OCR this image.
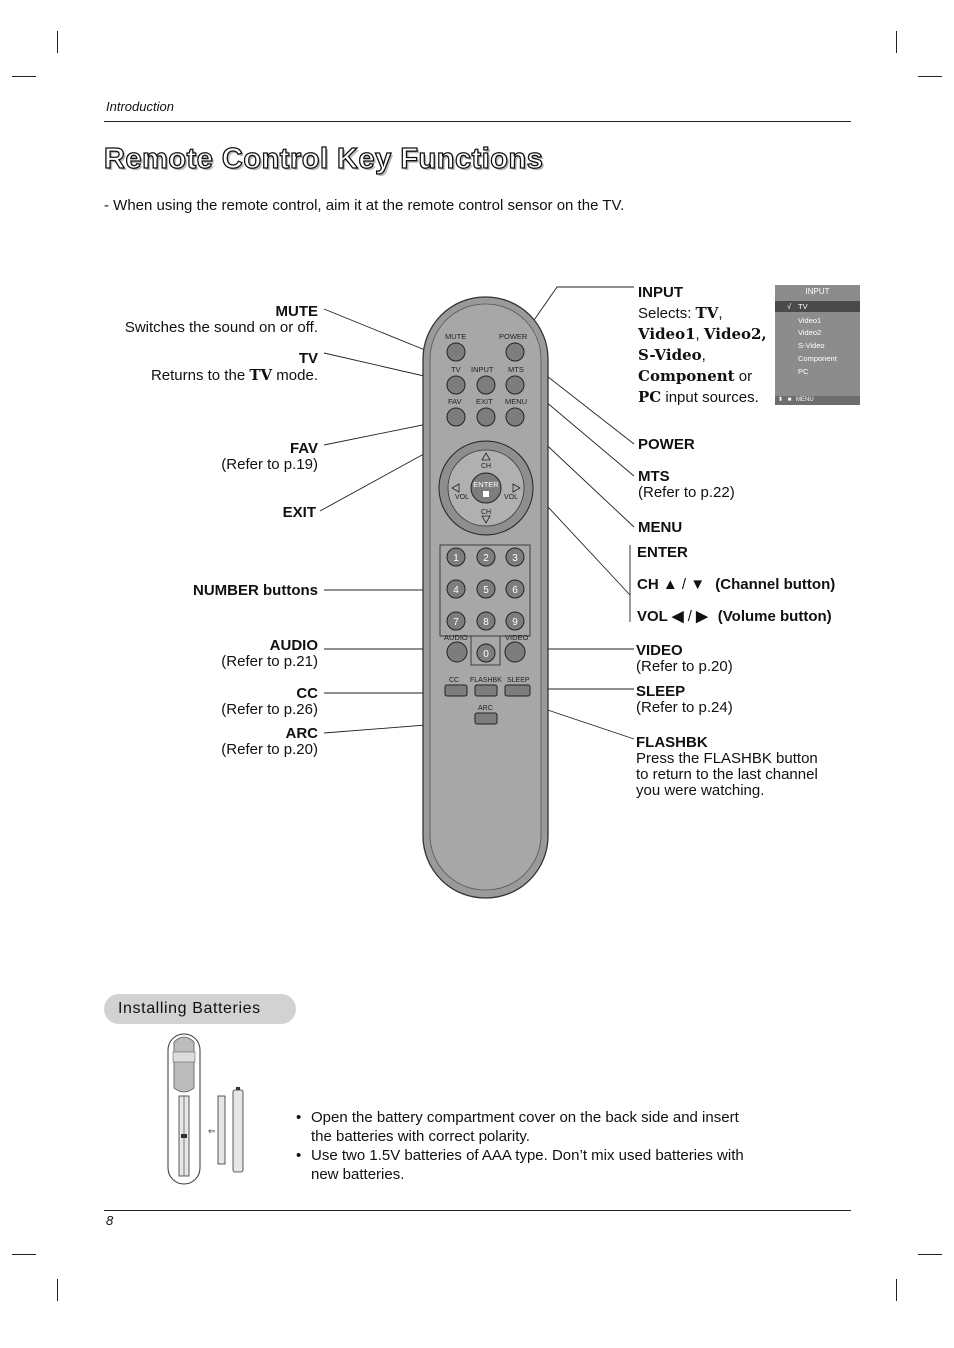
Introduction
Remote Control Key Functions
- When using the remote control, aim it at the remote control sensor on the TV.
MUTE	POWER
TV INPUT MTS
FAV EXIT MENU
CH
CH
VOL	VOL
ENTER
1 2 3
4 5 6
7 8 9
0
AUDIO	VIDEO
CC FLASHBK SLEEP
ARC
MUTE
Switches the sound on or off.
TV
Returns to the TV mode.
FAV
(Refer to p.19)
EXIT
NUMBER buttons
AUDIO
(Refer to p.21)
CC
(Refer to p.26)
ARC
(Refer to p.20)
INPUT
Selects: TV,
Video1, Video2,
S-Video,
Component or
PC input sources.
INPUT
√ TV
Video1
Video2
S-Video
Component
PC
⬍ ■ MENU
POWER
MTS
(Refer to p.22)
MENU
ENTER
CH ▲ / ▼ (Channel button)
VOL ◀ / ▶ (Volume button)
VIDEO
(Refer to p.20)
SLEEP
(Refer to p.24)
FLASHBK
Press the FLASHBK button
to return to the last channel
you were watching.
Installing Batteries
⇐
• Open the battery compartment cover on the back side and insert
the batteries with correct polarity.
• Use two 1.5V batteries of AAA type. Don’t mix used batteries with
new batteries.
8
